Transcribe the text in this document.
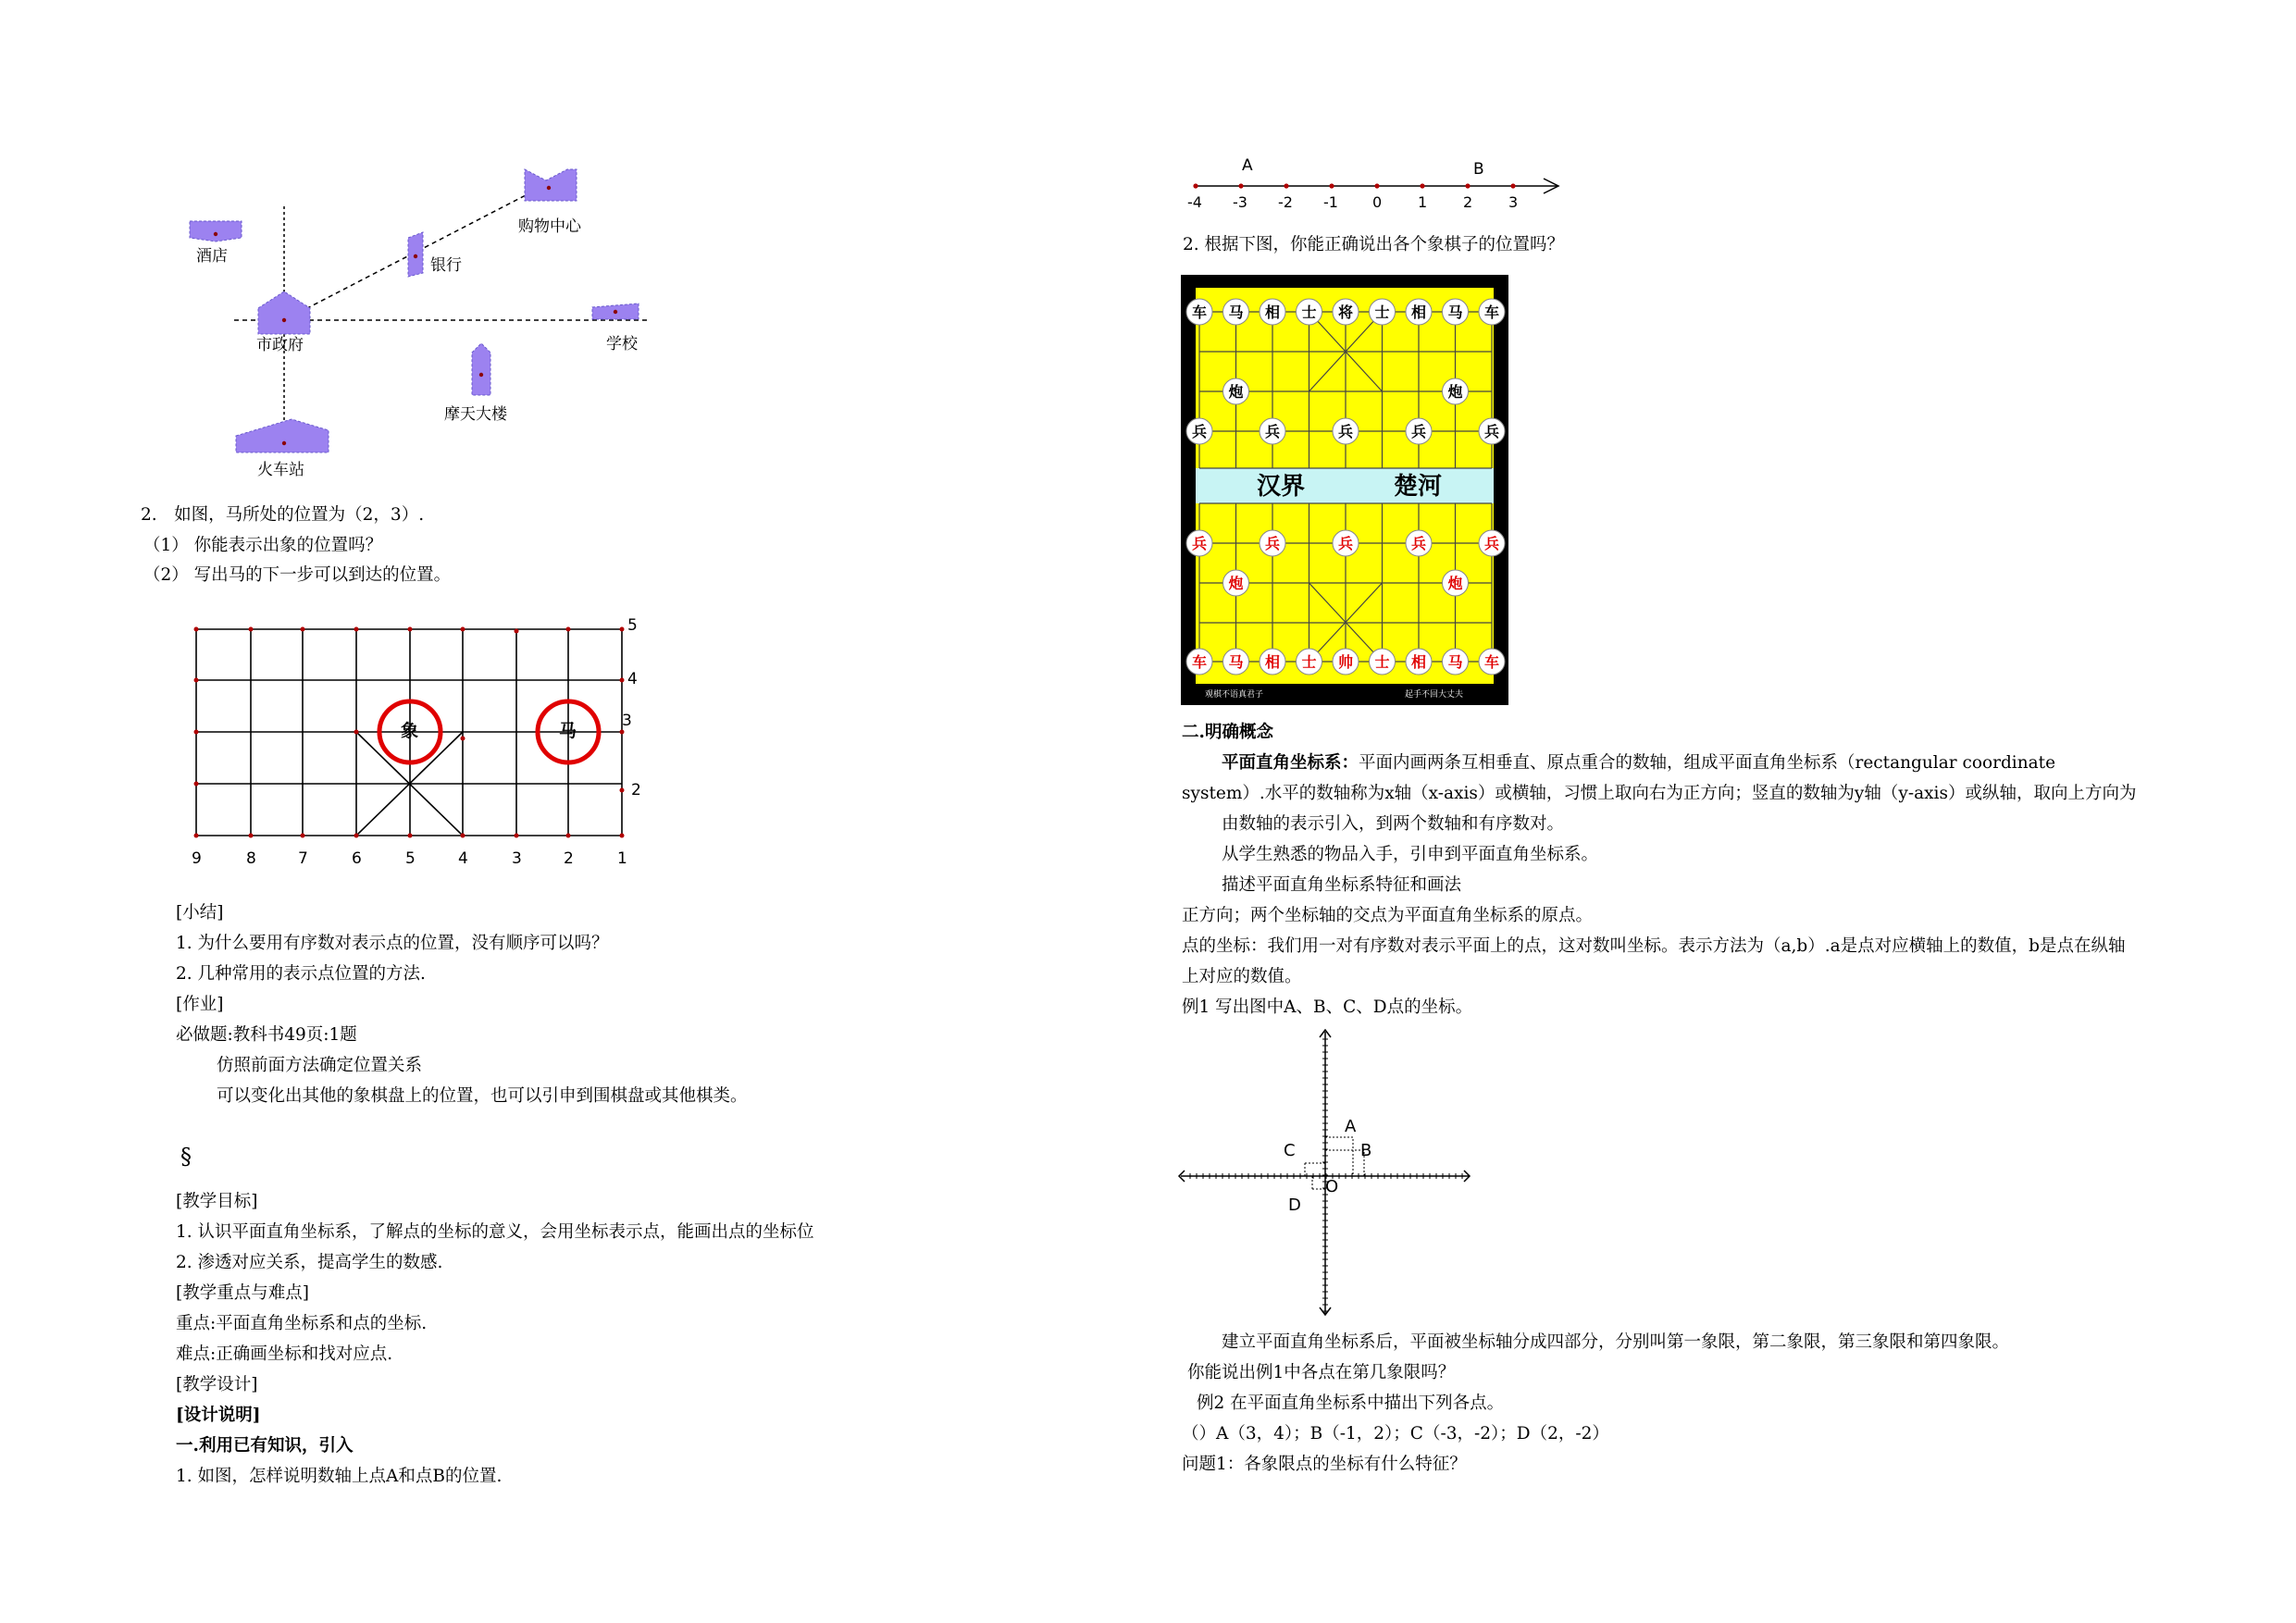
酒店	银行
购物中心
市政府	学校
摩天大楼
火车站
2.　如图，马所处的位置为（2，3）.
（1） 你能表示出象的位置吗？
（2） 写出马的下一步可以到达的位置。
象	马
5
4
3
2
9	8	7	6	5	4	3	2	1
[小结]
1. 为什么要用有序数对表示点的位置，没有顺序可以吗？
2. 几种常用的表示点位置的方法.
[作业]
必做题:教科书49页:1题
仿照前面方法确定位置关系
可以变化出其他的象棋盘上的位置，也可以引申到围棋盘或其他棋类。
§
[教学目标]
1. 认识平面直角坐标系，了解点的坐标的意义，会用坐标表示点，能画出点的坐标位
2. 渗透对应关系，提高学生的数感.
[教学重点与难点]
重点:平面直角坐标系和点的坐标.
难点:正确画坐标和找对应点.
[教学设计]
[设计说明]
一.利用已有知识，引入
1. 如图，怎样说明数轴上点A和点B的位置.
-4 -3 -2 -1 0 1 2 3
A	B
2. 根据下图，你能正确说出各个象棋子的位置吗？
车 马 相 士 将 士 相 马 车
炮	炮
兵	兵	兵	兵	兵
兵	兵	兵	兵	兵
炮	炮
车 马 相 士 帅 士 相 马 车
汉界	楚河
观棋不语真君子	起手不回大丈夫
二.明确概念
平面直角坐标系：平面内画两条互相垂直、原点重合的数轴，组成平面直角坐标系（rectangular coordinate
system）.水平的数轴称为x轴（x-axis）或横轴，习惯上取向右为正方向；竖直的数轴为y轴（y-axis）或纵轴，取向上方向为
由数轴的表示引入，到两个数轴和有序数对。
从学生熟悉的物品入手，引申到平面直角坐标系。
描述平面直角坐标系特征和画法
正方向；两个坐标轴的交点为平面直角坐标系的原点。
点的坐标：我们用一对有序数对表示平面上的点，这对数叫坐标。表示方法为（a,b）.a是点对应横轴上的数值，b是点在纵轴
上对应的数值。
例1 写出图中A、B、C、D点的坐标。
A
B
C
D
O
建立平面直角坐标系后，平面被坐标轴分成四部分，分别叫第一象限，第二象限，第三象限和第四象限。
你能说出例1中各点在第几象限吗？
例2 在平面直角坐标系中描出下列各点。
（）A（3，4）；B（-1，2）；C（-3，-2）；D（2，-2）
问题1：各象限点的坐标有什么特征？
